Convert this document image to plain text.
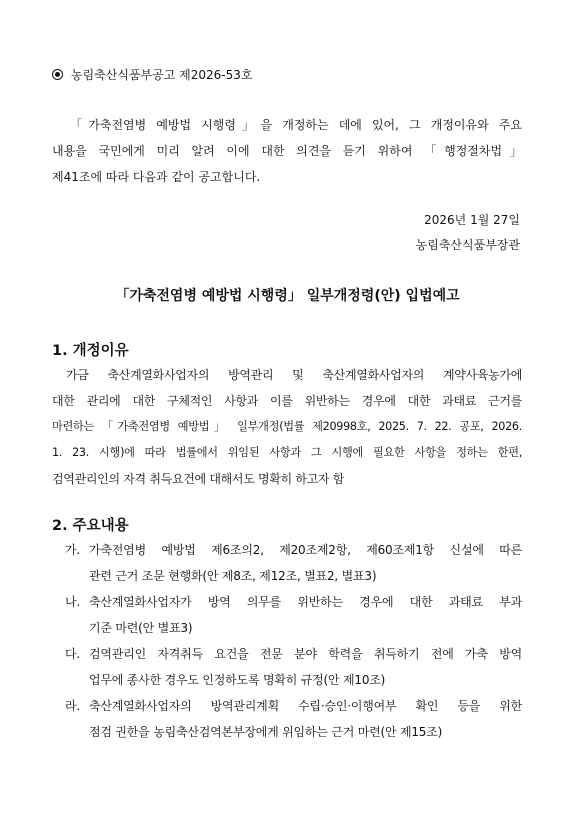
농림축산식품부공고 제2026-53호
「가축전염병 예방법 시행령」을 개정하는 데에 있어, 그 개정이유와 주요
내용을 국민에게 미리 알려 이에 대한 의견을 듣기 위하여 「행정절차법」
제41조에 따라 다음과 같이 공고합니다.
2026년 1월 27일
농림축산식품부장관
「가축전염병 예방법 시행령」 일부개정령(안) 입법예고
1. 개정이유
가금 축산계열화사업자의 방역관리 및 축산계열화사업자의 계약사육농가에
대한 관리에 대한 구체적인 사항과 이를 위반하는 경우에 대한 과태료 근거를
마련하는 「가축전염병 예방법」 일부개정(법률 제20998호, 2025. 7. 22. 공포, 2026.
1. 23. 시행)에 따라 법률에서 위임된 사항과 그 시행에 필요한 사항을 정하는 한편,
검역관리인의 자격 취득요건에 대해서도 명확히 하고자 함
2. 주요내용
가. 가축전염병 예방법 제6조의2, 제20조제2항, 제60조제1항 신설에 따른
관련 근거 조문 현행화(안 제8조, 제12조, 별표2, 별표3)
나. 축산계열화사업자가 방역 의무를 위반하는 경우에 대한 과태료 부과
기준 마련(안 별표3)
다. 검역관리인 자격취득 요건을 전문 분야 학력을 취득하기 전에 가축 방역
업무에 종사한 경우도 인정하도록 명확히 규정(안 제10조)
라. 축산계열화사업자의 방역관리계획 수립·승인·이행여부 확인 등을 위한
점검 권한을 농림축산검역본부장에게 위임하는 근거 마련(안 제15조)
